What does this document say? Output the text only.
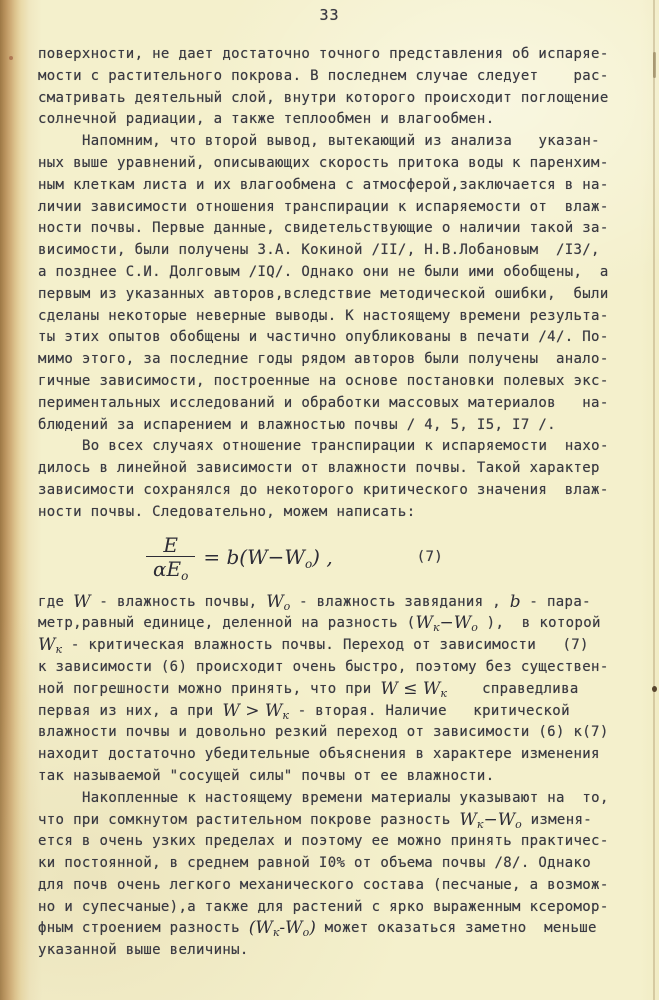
33
поверхности, не дает достаточно точного представления об испаряе-
мости с растительного покрова. В последнем случае следует    рас-
сматривать деятельный слой, внутри которого происходит поглощение
солнечной радиации, а также теплообмен и влагообмен.
Напомним, что второй вывод, вытекающий из анализа   указан-
ных выше уравнений, описывающих скорость притока воды к паренхим-
ным клеткам листа и их влагообмена с атмосферой,заключается в на-
личии зависимости отношения транспирации к испаряемости от  влаж-
ности почвы. Первые данные, свидетельствующие о наличии такой за-
висимости, были получены З.А. Кокиной /II/, Н.В.Лобановым  /I3/,
а позднее С.И. Долговым /IQ/. Однако они не были ими обобщены,  а
первым из указанных авторов,вследствие методической ошибки,  были
сделаны некоторые неверные выводы. К настоящему времени результа-
ты этих опытов обобщены и частично опубликованы в печати /4/. По-
мимо этого, за последние годы рядом авторов были получены  анало-
гичные зависимости, построенные на основе постановки полевых экс-
периментальных исследований и обработки массовых материалов   на-
блюдений за испарением и влажностью почвы / 4, 5, I5, I7 /.
Во всех случаях отношение транспирации к испаряемости  нахо-
дилось в линейной зависимости от влажности почвы. Такой характер
зависимости сохранялся до некоторого критического значения  влаж-
ности почвы. Следовательно, можем написать:
$\frac{E}{\alpha E_о} = b(W-W_о)$ ,	(7)
где W - влажность почвы, $W_о$ - влажность завядания , b - пара-
метр,равный единице, деленной на разность ($W_к-W_о$ ),  в которой
$W_к$ - критическая влажность почвы. Переход от зависимости   (7)
к зависимости (6) происходит очень быстро, поэтому без существен-
ной погрешности можно принять, что при $W \le W_к$    справедлива
первая из них, а при $W > W_к$ - вторая. Наличие   критической
влажности почвы и довольно резкий переход от зависимости (6) к(7)
находит достаточно убедительные объяснения в характере изменения
так называемой "сосущей силы" почвы от ее влажности.
Накопленные к настоящему времени материалы указывают на  то,
что при сомкнутом растительном покрове разность $W_к-W_о$ изменя-
ется в очень узких пределах и поэтому ее можно принять практичес-
ки постоянной, в среднем равной I0% от объема почвы /8/. Однако
для почв очень легкого механического состава (песчаные, а возмож-
но и супесчаные),а также для растений с ярко выраженным ксеромор-
фным строением разность $(W_к-W_о)$ может оказаться заметно  меньше
указанной выше величины.
